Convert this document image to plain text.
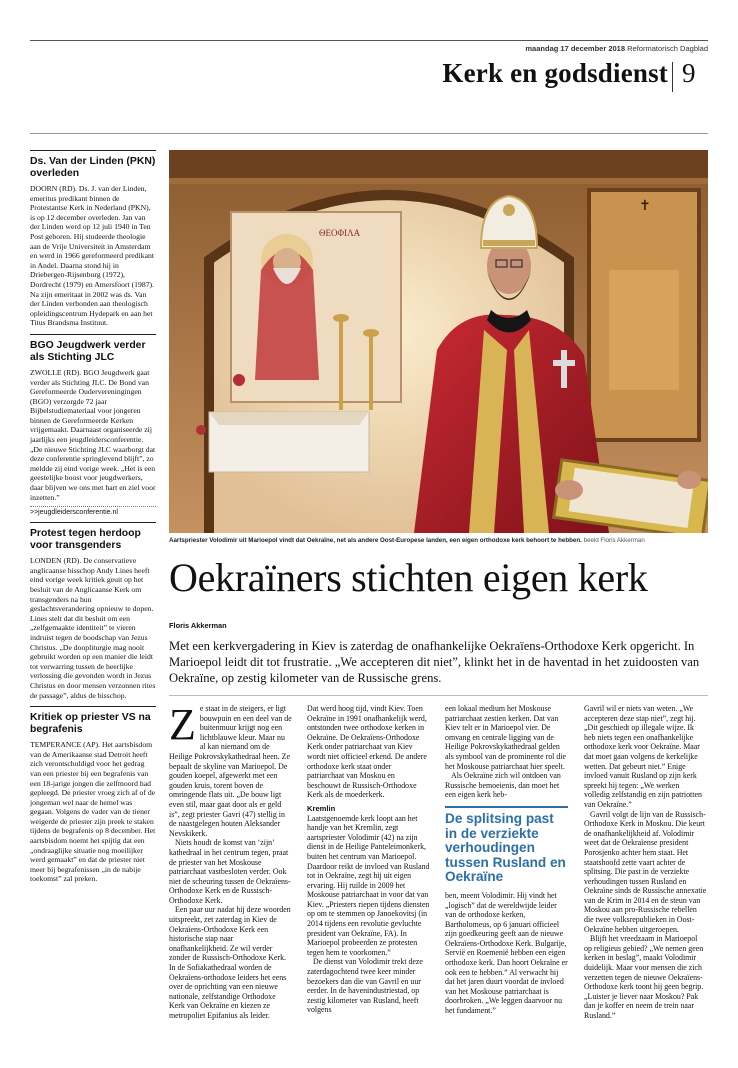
maandag 17 december 2018 Reformatorisch Dagblad
Kerk en godsdienst 9
Ds. Van der Linden (PKN) overleden
DOORN (RD). Ds. J. van der Linden, emeritus predikant binnen de Protestantse Kerk in Nederland (PKN), is op 12 december overleden. Jan van der Linden werd op 12 juli 1940 in Ten Post geboren. Hij studeerde theologie aan de Vrije Universiteit in Amsterdam en werd in 1966 gereformeerd predikant in Andel. Daarna stond hij in Driebergen-Rijsenburg (1972), Dordrecht (1979) en Amersfoort (1987). Na zijn emeritaat in 2002 was ds. Van der Linden verbonden aan theologisch opleidingscentrum Hydepark en aan het Titus Brandsma Instituut.
BGO Jeugdwerk verder als Stichting JLC
ZWOLLE (RD). BGO Jeugdwerk gaat verder als Stichting JLC. De Bond van Gereformeerde Oudervereningingen (BGO) verzorgde 72 jaar Bijbelstudiemateriaal voor jongeren binnen de Gereformeerde Kerken vrijgemaakt. Daarnaast organiseerde zij jaarlijks een jeugdleidersconferentie. „De nieuwe Stichting JLC waarborgt dat deze conferentie springlevend blijft”, zo meldde zij eind vorige week. „Het is een geestelijke boost voor jeugdwerkers, daar blijven we ons met hart en ziel voor inzetten.”
>>jeugdleidersconferentie.nl
Protest tegen herdoop voor transgenders
LONDEN (RD). De conservatieve anglicaanse bisschop Andy Lines heeft eind vorige week kritiek geuit op het besluit van de Anglicaanse Kerk om transgenders na hun geslachtsverandering opnieuw te dopen. Lines stelt dat dit besluit om een „zelfgemaakte identiteit” te vieren indruist tegen de boodschap van Jezus Christus. „De doopliturgie mag nooit gebruikt worden op een manier die leidt tot verwarring tussen de heerlijke verlossing die gevonden wordt in Jezus Christus en door mensen verzonnen rites de passage”, aldus de bisschop.
Kritiek op priester VS na begrafenis
TEMPERANCE (AP). Het aartsbisdom van de Amerikaanse stad Detroit heeft zich verontschuldigd voor het gedrag van een priester bij een begrafenis van een 18-jarige jongen die zelfmoord had gepleegd. De priester vroeg zich af of de jongeman wel naar de hemel was gegaan. Volgens de vader van de tiener weigerde de priester zijn preek te staken tijdens de begrafenis op 8 december. Het aartsbisdom noemt het spijtig dat een „ondraaglijke situatie nog moeilijker werd gemaakt” en dat de priester niet meer bij begrafenissen „in de nabije toekomst” zal preken.
ΘΕΟΦΙΛΑ
✝
Aartspriester Volodimir uit Marioepol vindt dat Oekraïne, net als andere Oost-Europese landen, een eigen orthodoxe kerk behoort te hebben. beeld Floris Akkerman
Oekraïners stichten eigen kerk
Floris Akkerman
Met een kerkvergadering in Kiev is zaterdag de onafhankelijke Oekraïens-Orthodoxe Kerk opgericht. In Marioepol leidt dit tot frustratie. „We accepteren dit niet”, klinkt het in de haventad in het zuidoosten van Oekraïne, op zestig kilometer van de Russische grens.

Ze staat in de steigers, er ligt bouwpuin en een deel van de buitenmuur krijgt nog een lichtblauwe kleur. Maar nu al kan niemand om de Heilige Pokrovskykathedraal heen. Ze bepaalt de skyline van Marioepol. De gouden koepel, afgewerkt met een gouden kruis, torent boven de omringende flats uit. „De bouw ligt even stil, maar gaat door als er geld is”, zegt priester Gavri (47) stellig in de naastgelegen houten Aleksander Nevskikerk.

Niets houdt de komst van ‘zijn’ kathedraal in het centrum tegen, praat de priester van het Moskouse patriarchaat vastbesloten verder. Ook niet de scheuring tussen de Oekraïens-Orthodoxe Kerk en de Russisch-Orthodoxe Kerk.

Een paar uur nadat hij deze woorden uitspreekt, zet zaterdag in Kiev de Oekraïens-Orthodoxe Kerk een historische stap naar onafhankelijkheid. Ze wil verder zonder de Russisch-Orthodoxe Kerk. In de Sofiakathedraal worden de Oekraïens-orthodoxe leiders het eens over de oprichting van een nieuwe nationale, zelfstandige Orthodoxe Kerk van Oekraïne en kiezen ze metropoliet Epifanius als leider.

Dat werd hoog tijd, vindt Kiev. Toen Oekraïne in 1991 onafhankelijk werd, ontstonden twee orthodoxe kerken in Oekraïne. De Oekraïens-Orthodoxe Kerk onder patriarchaat van Kiev wordt niet officieel erkend. De andere orthodoxe kerk staat onder patriarchaat van Moskou en beschouwt de Russisch-Orthodoxe Kerk als de moederkerk.

Kremlin

Laatstgenoemde kerk loopt aan het handje van het Kremlin, zegt aartspriester Volodimir (42) na zijn dienst in de Heilige Panteleimonkerk, buiten het centrum van Marioepol. Daardoor reikt de invloed van Rusland tot in Oekraïne, zegt hij uit eigen ervaring. Hij ruilde in 2009 het Moskouse patriarchaat in voor dat van Kiev. „Priesters riepen tijdens diensten op om te stemmen op Janoekovitsj (in 2014 tijdens een revolutie gevluchte president van Oekraïne, FA). In Marioepol probeerden ze protesten tegen hem te voorkomen.”

De dienst van Volodimir trekt deze zaterdagochtend twee keer minder bezoekers dan die van Gavril en uur eerder. In de havenindustriestad, op zestig kilometer van Rusland, heeft volgens

een lokaal medium het Moskouse patriarchaat zestien kerken. Dat van Kiev telt er in Marioepol vier. De omvang en centrale ligging van de Heilige Pokrovskykathedraal gelden als symbool van de prominente rol die het Moskouse patriarchaat hier speelt.

Als Oekraïne zich wil ontdoen van Russische bemoeienis, dan moet het een eigen kerk heb-

De splitsing past in de verziekte verhoudingen tussen Rusland en Oekraïne

ben, meent Volodimir. Hij vindt het „logisch” dat de wereldwijde leider van de orthodoxe kerken, Bartholomeus, op 6 januari officieel zijn goedkeuring geeft aan de nieuwe Oekraïens-Orthodoxe Kerk. Bulgarije, Servië en Roemenië hebben een eigen orthodoxe kerk. Dan hoort Oekraïne er ook een te hebben.” Al verwacht hij dat het jaren duurt voordat de invloed van het Moskouse patriarchaat is doorbroken. „We leggen daarvoor nu het fundament.”

Gavril wil er niets van weten. „We accepteren deze stap niet”, zegt hij. „Dit geschiedt op illegale wijze. Ik heb niets tegen een onafhankelijke orthodoxe kerk voor Oekraïne. Maar dat moet gaan volgens de kerkelijke wetten. Dat gebeurt niet.” Enige invloed vanuit Rusland op zijn kerk spreekt hij tegen: „We werken volledig zelfstandig en zijn patriotten van Oekraïne.”

Gavril volgt de lijn van de Russisch-Orthodoxe Kerk in Moskou. Die keurt de onafhankelijkheid af. Volodimir weet dat de Oekraïense president Porosjenko achter hem staat. Het staatshoofd zette vaart achter de splitsing. Die past in de verziekte verhoudingen tussen Rusland en Oekraïne sinds de Russische annexatie van de Krim in 2014 en de steun van Moskou aan pro-Russische rebellen die twee volksrepublieken in Oost-Oekraïne hebben uitgeroepen.

Blijft het vreedzaam in Marioepol op religieus gebied? „We nemen geen kerken in beslag”, maakt Volodimir duidelijk. Maar voor mensen die zich verzetten tegen de nieuwe Oekraïens-Orthodoxe kerk toont hij geen begrip. „Luister je liever naar Moskou? Pak dan je koffer en neem de trein naar Rusland.”
